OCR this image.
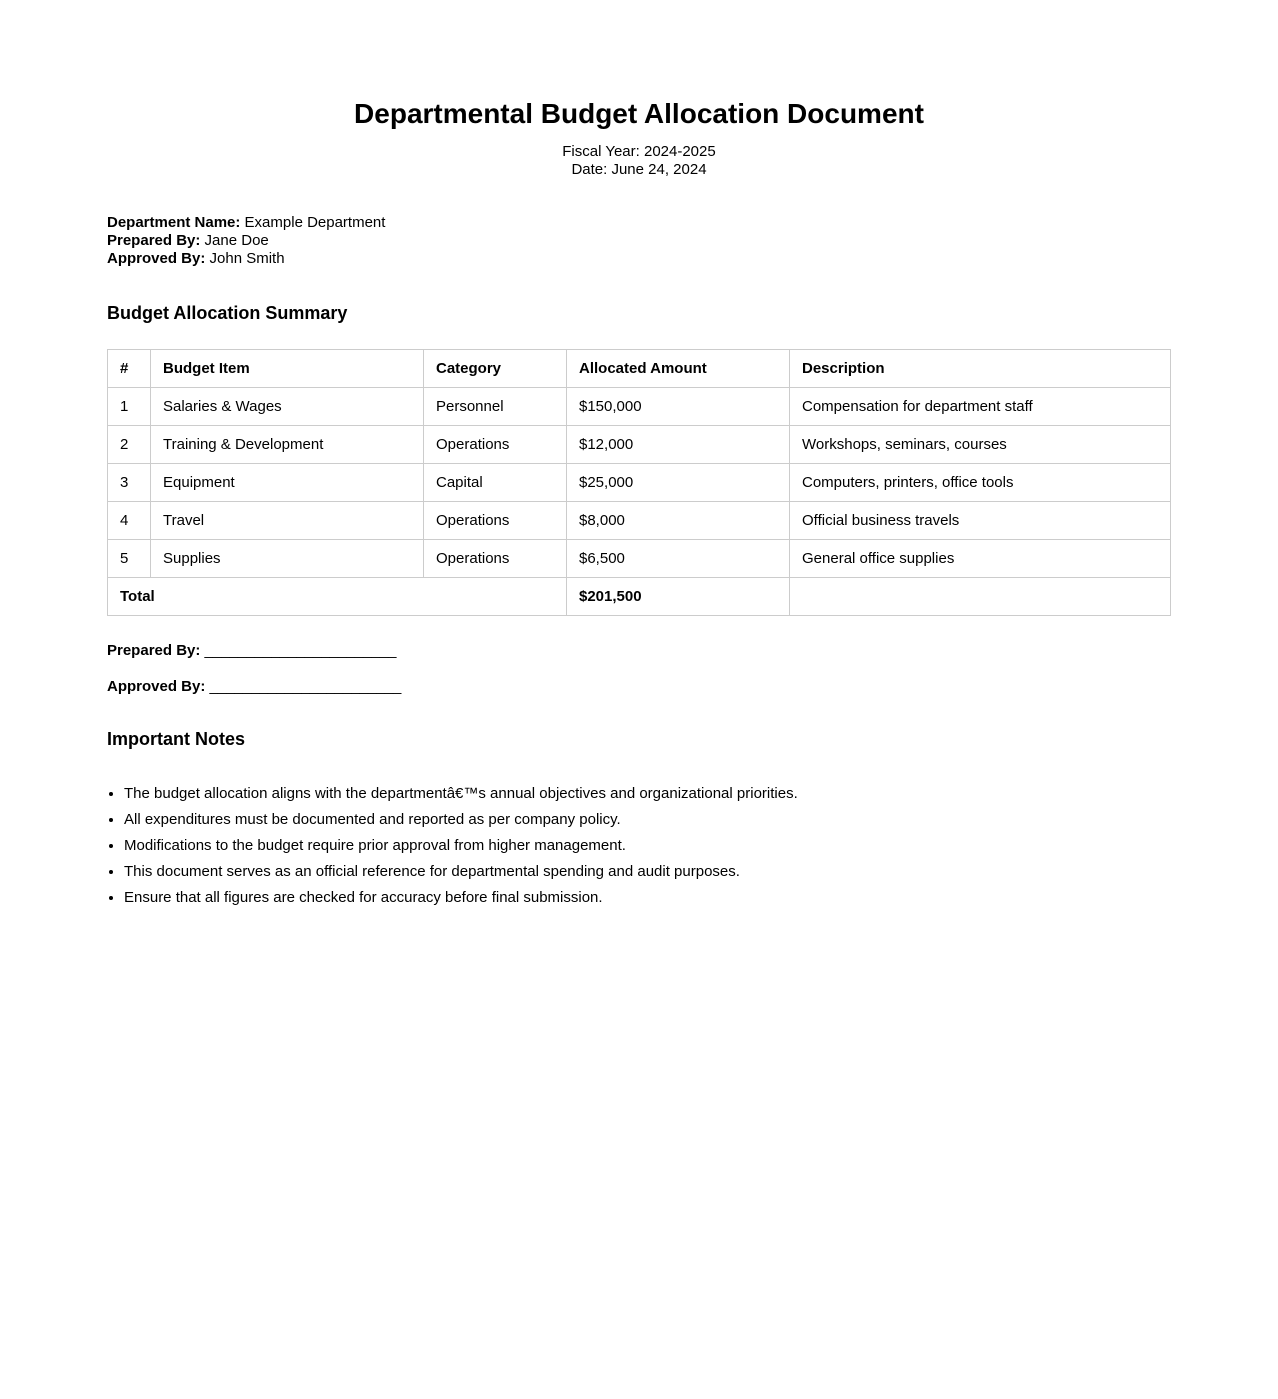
Departmental Budget Allocation Document
Fiscal Year: 2024-2025
Date: June 24, 2024
Department Name: Example Department
Prepared By: Jane Doe
Approved By: John Smith
Budget Allocation Summary
#	Budget Item	Category	Allocated Amount	Description
1	Salaries & Wages	Personnel	$150,000	Compensation for department staff
2	Training & Development	Operations	$12,000	Workshops, seminars, courses
3	Equipment	Capital	$25,000	Computers, printers, office tools
4	Travel	Operations	$8,000	Official business travels
5	Supplies	Operations	$6,500	General office supplies
Total			$201,500	

Prepared By: _______________________

Approved By: _______________________

Important Notes
• The budget allocation aligns with the departmentâ€™s annual objectives and organizational priorities.
• All expenditures must be documented and reported as per company policy.
• Modifications to the budget require prior approval from higher management.
• This document serves as an official reference for departmental spending and audit purposes.
• Ensure that all figures are checked for accuracy before final submission.
